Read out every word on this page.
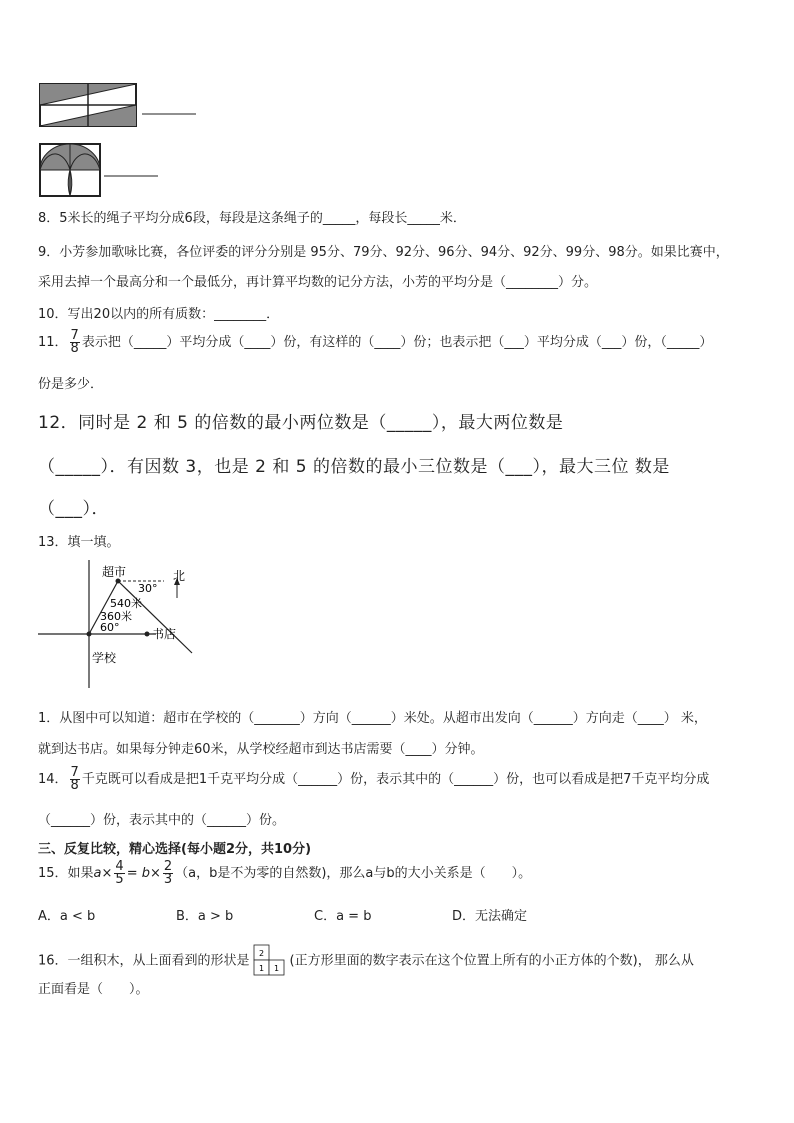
8．5米长的绳子平均分成6段，每段是这条绳子的_____，每段长_____米．
9．小芳参加歌咏比赛，各位评委的评分分别是 95分、79分、92分、96分、94分、92分、99分、98分。如果比赛中，
采用去掉一个最高分和一个最低分，再计算平均数的记分方法，小芳的平均分是（________）分。
10．写出20以内的所有质数：________．
11． $\frac{7}{8}$ 表示把（_____）平均分成（____）份，有这样的（____）份；也表示把（___）平均分成（___）份，（_____）
份是多少．
12．同时是 2 和 5 的倍数的最小两位数是（_____），最大两位数是
（_____）．有因数 3，也是 2 和 5 的倍数的最小三位数是（___），最大三位 数是
（___）．
13．填一填。
超市	北
30°
540米
360米
60°	书店
学校
1．从图中可以知道：超市在学校的（_______）方向（______）米处。从超市出发向（______）方向走（____） 米，
就到达书店。如果每分钟走60米，从学校经超市到达书店需要（____）分钟。
14． $\frac{7}{8}$ 千克既可以看成是把1千克平均分成（______）份，表示其中的（______）份，也可以看成是把7千克平均分成
（______）份，表示其中的（______）份。
三、反复比较，精心选择(每小题2分，共10分)
15．如果$a\times \frac{4}{5} = b\times \frac{2}{3} (a$，b是不为零的自然数)，那么a与b的大小关系是（　　）。
A．a < b	B．a > b	C．a = b	D．无法确定
16．一组积木，从上面看到的形状是 2
1 1 (正方形里面的数字表示在这个位置上所有的小正方体的个数)， 那么从
正面看是（　　）。
